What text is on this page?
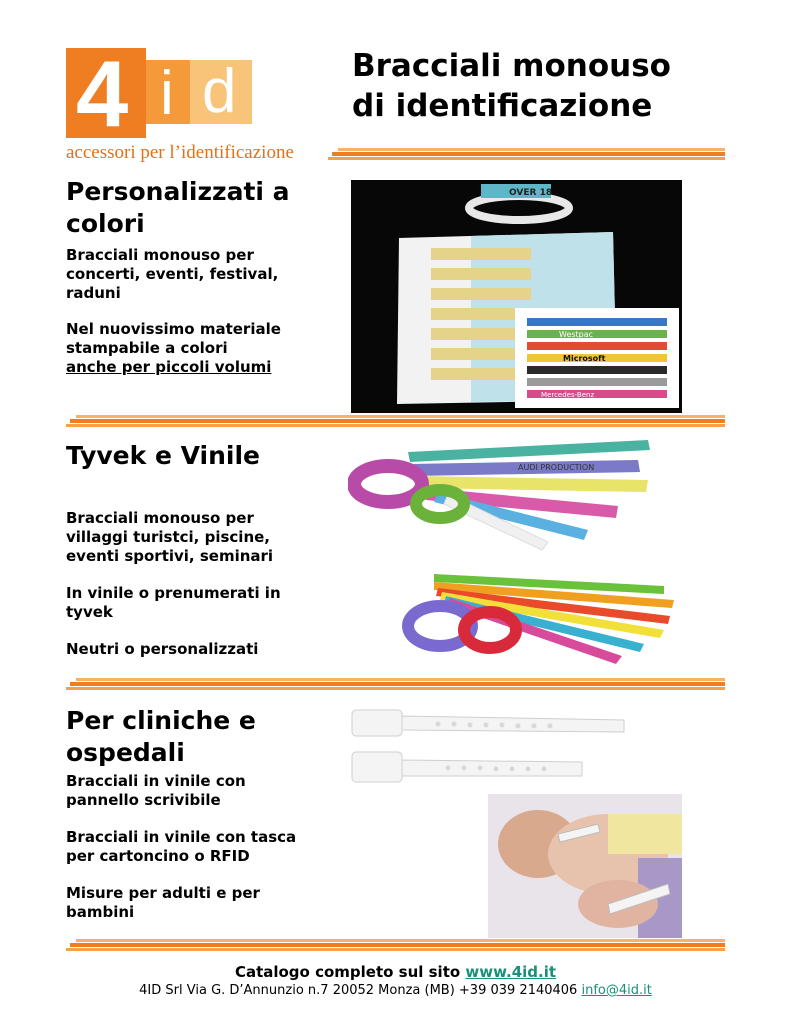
4 i d
accessori per l’identificazione
Bracciali monouso
di identificazione
Personalizzati a
colori
Bracciali monouso per
concerti, eventi, festival,
raduni
Nel nuovissimo materiale
stampabile a colori
anche per piccoli volumi
OVER 18
Westpac
Microsoft
Mercedes-Benz
Tyvek e Vinile
Bracciali monouso per
villaggi turistci, piscine,
eventi sportivi, seminari
In vinile o prenumerati in
tyvek
Neutri o personalizzati
BAR
AUDI PRODUCTION
Per cliniche e
ospedali
Bracciali in vinile con
pannello scrivibile
Bracciali in vinile con tasca
per cartoncino o RFID
Misure per adulti e per
bambini
Catalogo completo sul sito www.4id.it
4ID Srl Via G. D’Annunzio n.7 20052 Monza (MB) +39 039 2140406 info@4id.it
